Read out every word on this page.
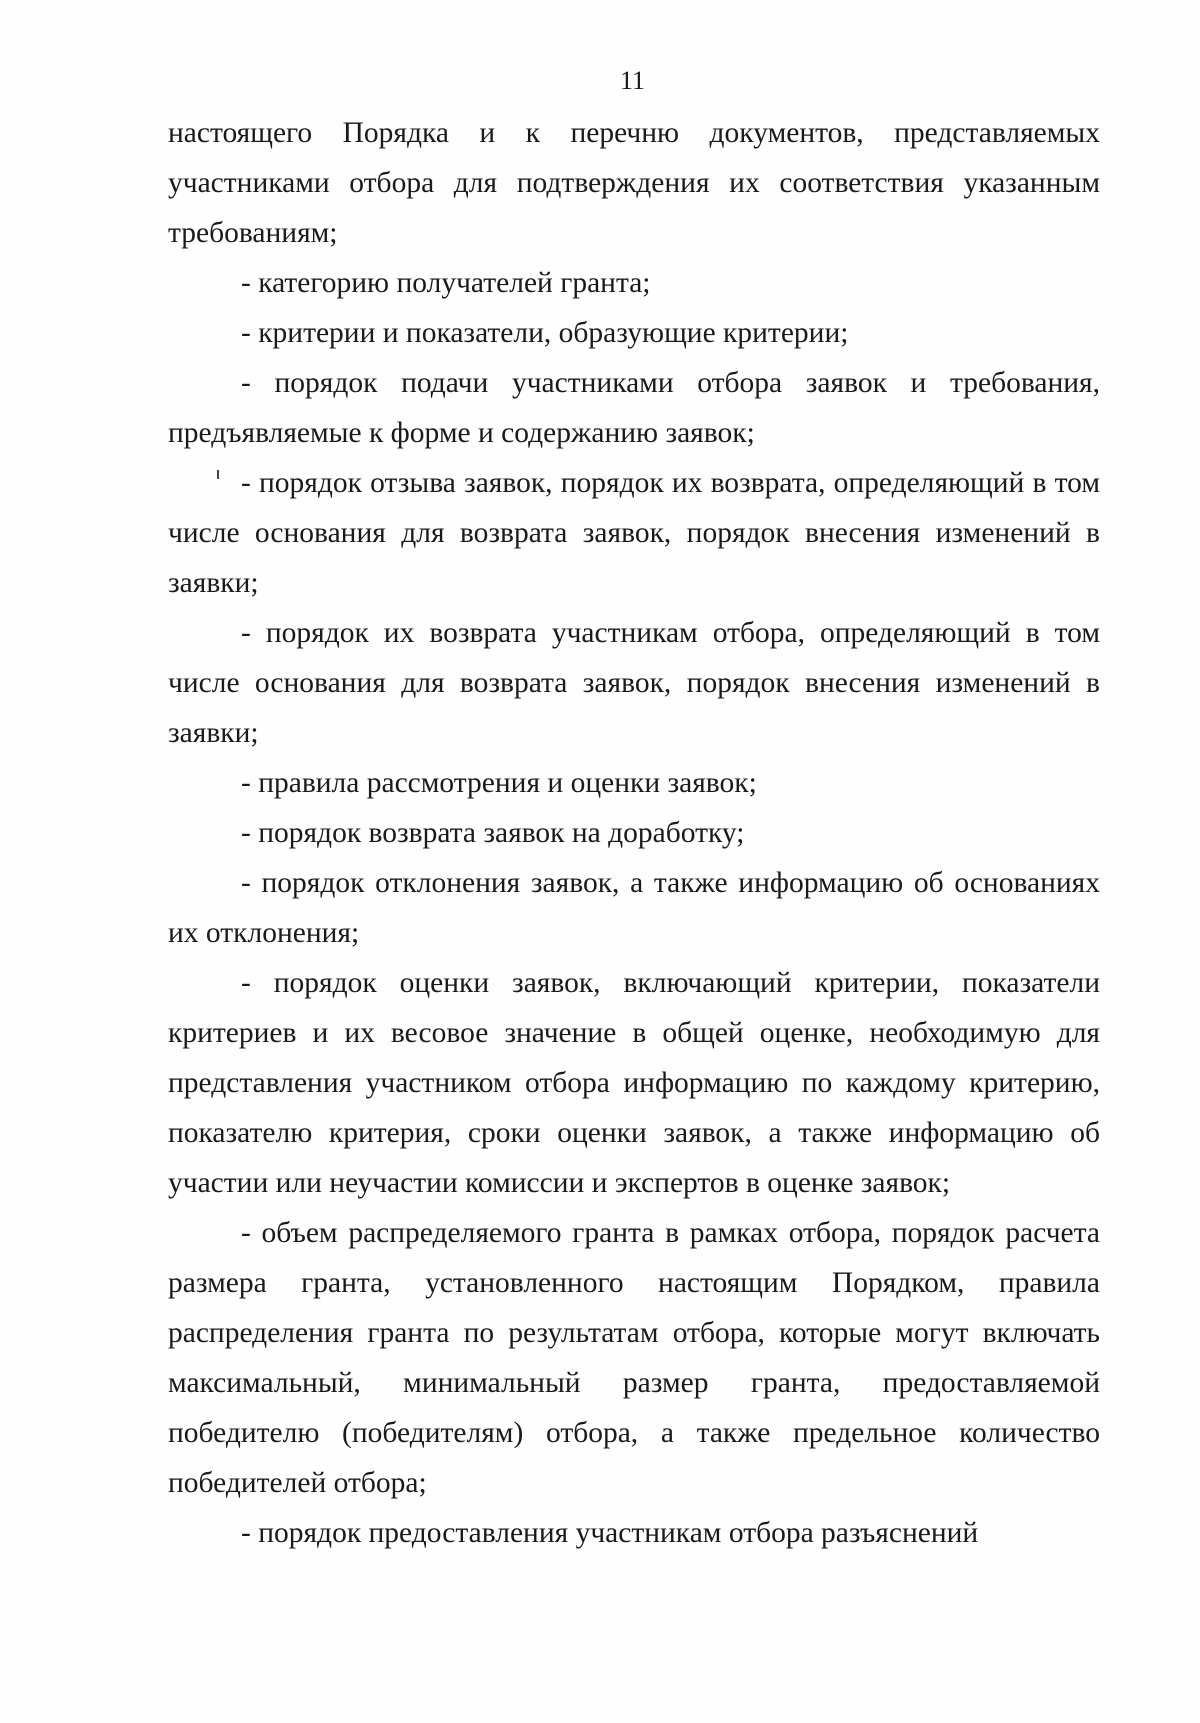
11

настоящего Порядка и к перечню документов, представляемых участниками отбора для подтверждения их соответствия указанным требованиям;

- категорию получателей гранта;

- критерии и показатели, образующие критерии;

- порядок подачи участниками отбора заявок и требования, предъявляемые к форме и содержанию заявок;

- порядок отзыва заявок, порядок их возврата, определяющий в том числе основания для возврата заявок, порядок внесения изменений в заявки;

- порядок их возврата участникам отбора, определяющий в том числе основания для возврата заявок, порядок внесения изменений в заявки;

- правила рассмотрения и оценки заявок;

- порядок возврата заявок на доработку;

- порядок отклонения заявок, а также информацию об основаниях их отклонения;

- порядок оценки заявок, включающий критерии, показатели критериев и их весовое значение в общей оценке, необходимую для представления участником отбора информацию по каждому критерию, показателю критерия, сроки оценки заявок, а также информацию об участии или неучастии комиссии и экспертов в оценке заявок;

- объем распределяемого гранта в рамках отбора, порядок расчета размера гранта, установленного настоящим Порядком, правила распределения гранта по результатам отбора, которые могут включать максимальный, минимальный размер гранта, предоставляемой победителю (победителям) отбора, а также предельное количество победителей отбора;

- порядок предоставления участникам отбора разъяснений
